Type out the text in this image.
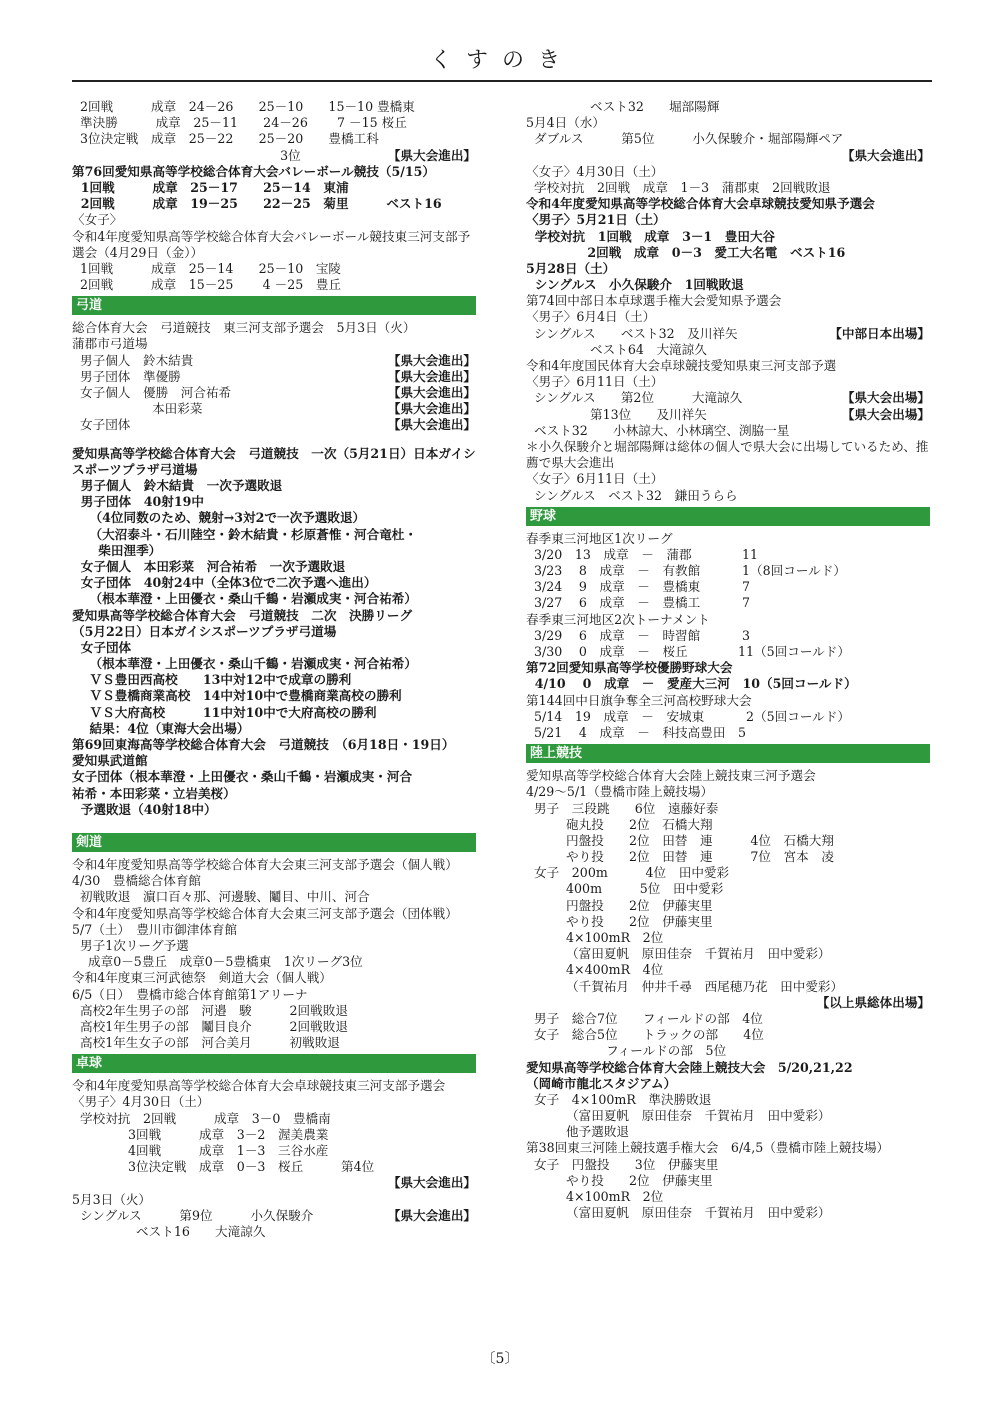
くすのき
2回戦　　　成章　24－26　　25－10　　15－10 豊橋東
準決勝　　　成章　25－11　　24－26　　 7 －15 桜丘
3位決定戦　成章　25－22　　25－20　　豊橋工科
【県大会進出】
3位
第76回愛知県高等学校総合体育大会バレーボール競技（5/15）
1回戦　　　成章　25－17　　25－14　東浦
2回戦　　　成章　19－25　　22－25　菊里　　　ベスト16
〈女子〉
令和4年度愛知県高等学校総合体育大会バレーボール競技東三河支部予選会（4月29日（金））
1回戦　　　成章　25－14　　25－10　宝陵
2回戦　　　成章　15－25　　 4 －25　豊丘
弓道
総合体育大会　弓道競技　東三河支部予選会　5月3日（火）
蒲郡市弓道場
【県大会進出】
男子個人　鈴木結貴
【県大会進出】
男子団体　準優勝
【県大会進出】
女子個人　優勝　河合祐希
【県大会進出】
本田彩菜
【県大会進出】
女子団体
愛知県高等学校総合体育大会　弓道競技　一次（5月21日）日本ガイシスポーツプラザ弓道場
男子個人　鈴木結貴　一次予選敗退
男子団体　40射19中
（4位同数のため、競射→3対2で一次予選敗退）
（大沼泰斗・石川陸空・鈴木結貴・杉原蒼惟・河合竜杜・
柴田浬季）
女子個人　本田彩菜　河合祐希　一次予選敗退
女子団体　40射24中（全体3位で二次予選へ進出）
（根本華澄・上田優衣・桑山千鶴・岩瀬成実・河合祐希）
愛知県高等学校総合体育大会　弓道競技　二次　決勝リーグ
（5月22日）日本ガイシスポーツプラザ弓道場
女子団体
（根本華澄・上田優衣・桑山千鶴・岩瀬成実・河合祐希）
ＶＳ豊田西高校　　13中対12中で成章の勝利
ＶＳ豊橋商業高校　14中対10中で豊橋商業高校の勝利
ＶＳ大府高校　　　11中対10中で大府高校の勝利
結果：4位（東海大会出場）
第69回東海高等学校総合体育大会　弓道競技　（6月18日・19日）
愛知県武道館
女子団体（根本華澄・上田優衣・桑山千鶴・岩瀬成実・河合
祐希・本田彩菜・立岩美桜）
予選敗退（40射18中）
剣道
令和4年度愛知県高等学校総合体育大会東三河支部予選会（個人戦）4/30　豊橋総合体育館
初戦敗退　濵口百々那、河邊駿、鬮目、中川、河合
令和4年度愛知県高等学校総合体育大会東三河支部予選会（団体戦）5/7（土）　豊川市御津体育館
男子1次リーグ予選
成章0－5豊丘　成章0－5豊橋東　1次リーグ3位
令和4年度東三河武徳祭　剣道大会（個人戦）
6/5（日）　豊橋市総合体育館第1アリーナ
高校2年生男子の部　河邉　駿　　　2回戦敗退
高校1年生男子の部　鬮目良介　　　2回戦敗退
高校1年生女子の部　河合美月　　　初戦敗退
卓球
令和4年度愛知県高等学校総合体育大会卓球競技東三河支部予選会
〈男子〉4月30日（土）
学校対抗　2回戦　　　成章　3－0　豊橋南
3回戦　　　成章　3－2　渥美農業
4回戦　　　成章　1－3　三谷水産
3位決定戦　成章　0－3　桜丘　　　第4位
【県大会進出】
5月3日（火）
【県大会進出】
シングルス　　　第9位　　　小久保駿介
ベスト16　　大滝諒久
ベスト32　　堀部陽輝
5月4日（水）
ダブルス　　　第5位　　　小久保駿介・堀部陽輝ペア
【県大会進出】
〈女子〉4月30日（土）
学校対抗　2回戦　成章　1－3　蒲郡東　2回戦敗退
令和4年度愛知県高等学校総合体育大会卓球競技愛知県予選会
〈男子〉5月21日（土）
学校対抗　1回戦　成章　3－1　豊田大谷
2回戦　成章　0－3　愛工大名電　ベスト16
5月28日（土）
シングルス　小久保駿介　1回戦敗退
第74回中部日本卓球選手権大会愛知県予選会
〈男子〉6月4日（土）
【中部日本出場】
シングルス　　ベスト32　及川祥矢
ベスト64　大滝諒久
令和4年度国民体育大会卓球競技愛知県東三河支部予選
〈男子〉6月11日（土）
【県大会出場】
シングルス　　第2位　　　大滝諒久
【県大会出場】
第13位　　及川祥矢
ベスト32　　小林諒大、小林璃空、渕脇一星
＊小久保駿介と堀部陽輝は総体の個人で県大会に出場しているため、推薦で県大会進出
〈女子〉6月11日（土）
シングルス　ベスト32　鎌田うらら
野球
春季東三河地区1次リーグ
3/20　13　成章　－　蒲郡　　　　11
3/23　 8　成章　－　有教館　　　 1（8回コールド）
3/24　 9　成章　－　豊橋東　　　 7
3/27　 6　成章　－　豊橋工　　　 7
春季東三河地区2次トーナメント
3/29　 6　成章　－　時習館　　　 3
3/30　 0　成章　－　桜丘　　　　11（5回コールド）
第72回愛知県高等学校優勝野球大会
4/10　 0　成章　－　愛産大三河　10（5回コールド）
第144回中日旗争奪全三河高校野球大会
5/14　19　成章　－　安城東　　　 2（5回コールド）
5/21　 4　成章　－　科技高豊田　5
陸上競技
愛知県高等学校総合体育大会陸上競技東三河予選会
4/29～5/1（豊橋市陸上競技場）
男子　三段跳　　6位　遠藤好泰
砲丸投　　2位　石橋大翔
円盤投　　2位　田替　連　　　4位　石橋大翔
やり投　　2位　田替　連　　　7位　宮本　凌
女子　200m　　　4位　田中愛彩
400m　　　5位　田中愛彩
円盤投　　2位　伊藤実里
やり投　　2位　伊藤実里
4×100mR　2位
（富田夏帆　原田佳奈　千賀祐月　田中愛彩）
4×400mR　4位
（千賀祐月　仲井千尋　西尾穂乃花　田中愛彩）
【以上県総体出場】
男子　総合7位　　フィールドの部　4位
女子　総合5位　　トラックの部　　4位
フィールドの部　5位
愛知県高等学校総合体育大会陸上競技大会　5/20,21,22
（岡崎市龍北スタジアム）
女子　4×100mR　準決勝敗退
（富田夏帆　原田佳奈　千賀祐月　田中愛彩）
他予選敗退
第38回東三河陸上競技選手権大会　6/4,5（豊橋市陸上競技場）
女子　円盤投　　3位　伊藤実里
やり投　　2位　伊藤実里
4×100mR　2位
（富田夏帆　原田佳奈　千賀祐月　田中愛彩）
〔5〕
